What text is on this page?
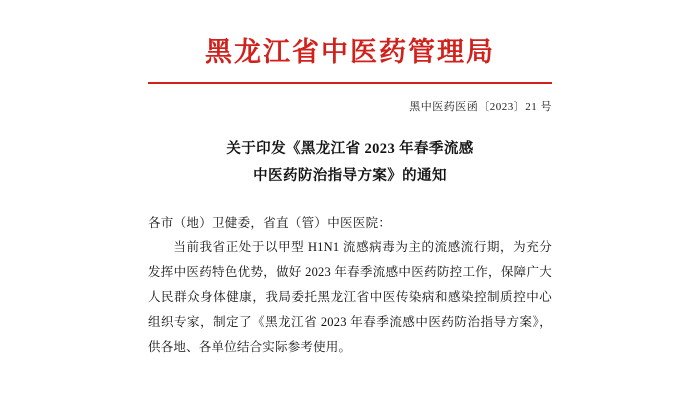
黑龙江省中医药管理局
黑中医药医函〔2023〕21 号
关于印发《黑龙江省 2023 年春季流感
中医药防治指导方案》的通知
各市（地）卫健委，省直（管）中医医院：
当前我省正处于以甲型 H1N1 流感病毒为主的流感流行期，为充分发挥中医药特色优势，做好 2023 年春季流感中医药防控工作，保障广大人民群众身体健康，我局委托黑龙江省中医传染病和感染控制质控中心组织专家，制定了《黑龙江省 2023 年春季流感中医药防治指导方案》，供各地、各单位结合实际参考使用。
